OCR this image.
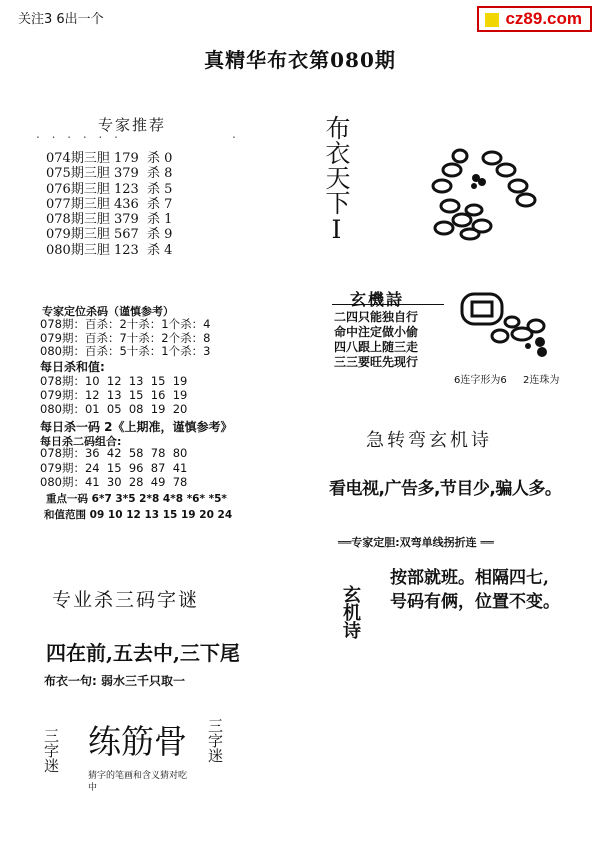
关注3 6出一个	cz89.com
真精华布衣第080期
. . . . . .	.
专家推荐
074期三胆 179  杀 0
075期三胆 379  杀 8
076期三胆 123  杀 5
077期三胆 436  杀 7
078期三胆 379  杀 1
079期三胆 567  杀 9
080期三胆 123  杀 4
专家定位杀码（谨慎参考）
078期：百杀：2十杀：1个杀：4
079期：百杀：7十杀：2个杀：8
080期：百杀：5十杀：1个杀：3
每日杀和值:
078期：10  12  13  15  19
079期：12  13  15  16  19
080期：01  05  08  19  20
每日杀一码 2《上期准，谨慎参考》
每日杀二码组合:
078期：36  42  58  78  80
079期：24  15  96  87  41
080期：41  30  28  49  78
重点一码 6*7 3*5 2*8 4*8 *6* *5*
和值范围 09 10 12 13 15 19 20 24
专业杀三码字谜
四在前,五去中,三下尾
布衣一句: 弱水三千只取一
三字迷 练筋骨 三字迷
猜字的笔画和含义猜对吃中
布衣天下I
玄機詩
二四只能独自行
命中注定做小偷
四八跟上随三走
三三要旺先现行
6连字形为6 2连珠为
急转弯玄机诗
看电视,广告多,节目少,骗人多。
══专家定胆:双弯单线拐折连 ══
玄机诗
按部就班。相隔四七,
号码有俩，位置不变。
